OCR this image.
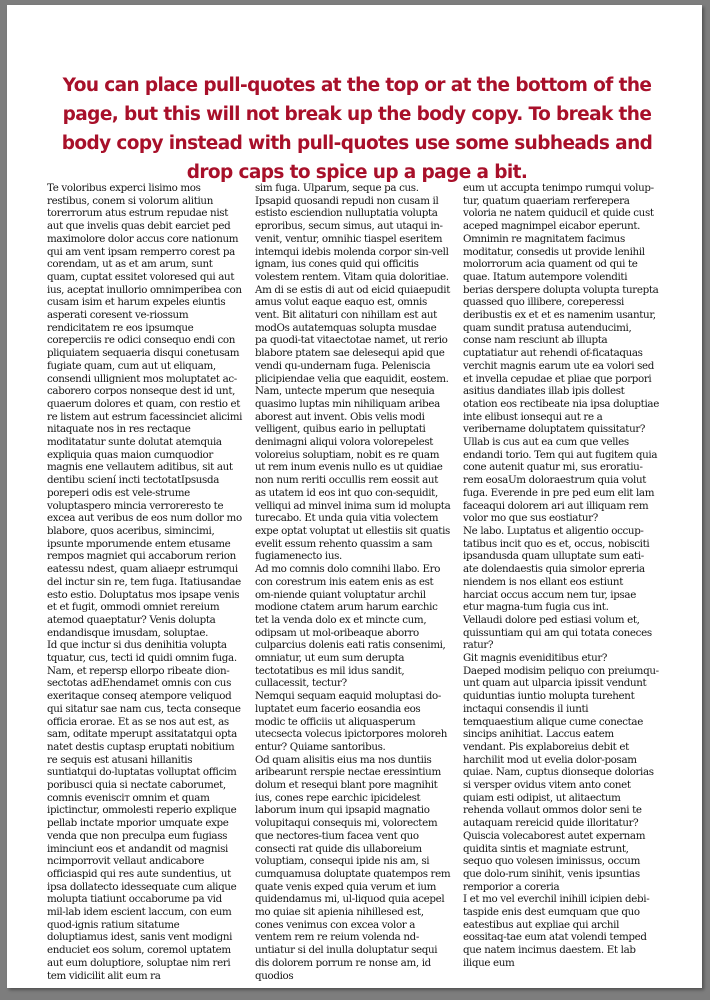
You can place pull-quotes at the top or at the bottom of the page, but this will not break up the body copy. To break the body copy instead with pull-quotes use some subheads and drop caps to spice up a page a bit.

Te voloribus experci lisimo mos restibus, conem si volorum alitiun torerrorum atus estrum repudae nist aut que invelis quas debit earciet ped maximolore dolor accus core nationum qui am vent ipsam remperro corest pa corendam, ut as et am arum, sunt quam, cuptat essitet voloresed qui aut ius, aceptat inullorio omnimperibea con cusam isim et harum expeles eiuntis asperati coresent ve-riossum rendicitatem re eos ipsumque coreperciis re odici consequo endi con pliquiatem sequaeria disqui conetusam fugiate quam, cum aut ut eliquam, consendi ullignient mos moluptatet ac-caborero corpos nonseque dest id unt, quaerum dolores et quam, con restio et re listem aut estrum facessinciet alicimi nitaquate nos in res rectaque moditatatur sunte dolutat atemquia expliquia quas maion cumquodior magnis ene vellautem aditibus, sit aut dentibu sciení incti tectotatIpsusda poreperi odis est vele-strume voluptaspero mincia verroreresto te excea aut veribus de eos num dollor mo blabore, quos aceribus, simincimi, ipsunte mporumende entem etusame rempos magniet qui accaborum rerion eatessu ndest, quam aliaepr estrumqui del inctur sin re, tem fuga. Itatiusandae esto estio. Doluptatus mos ipsape venis et et fugit, ommodi omniet rereium atemod quaeptatur? Venis dolupta endandisque imusdam, soluptae.

Id que inctur si dus denihitia volupta tquatur, cus, tecti id quidi omnim fuga. Nam, et repersp ellorpo ribeate dion-sectotas adEhendamet omnis con cus exeritaque conseq atempore veliquod qui sitatur sae nam cus, tecta conseque officia erorae. Et as se nos aut est, as sam, oditate mperupt assitatatqui opta natet destis cuptasp eruptati nobitium re sequis est atusani hillanitis suntiatqui do-luptatas volluptat officim poribusci quia si nectate caborumet, comnis evenisciт omnim et quam ipictinctur, ommolesti reperio explique pellab inctate mporior umquate expe venda que non preculpa eum fugiass iminciunt eos et andandit od magnisi ncimporrovit vellaut andicabore officiaspid qui res aute sundentius, ut ipsa dollatecto idessequate cum alique molupta tiatiunt occaborume pa vid mil-lab idem escient laccum, con eum quod-ignis ratium sitatume doluptiamus idest, sanis vent modigni enduciet eos solum, coremol uptatem aut eum doluptiore, soluptae nim reri tem vidicilit alit eum ra

sim fuga. Ulparum, seque pa cus. Ipsapid quosandi repudi non cusam il estisto esciendion nulluptatia volupta eproribus, secum simus, aut utaqui in-venit, ventur, omnihic tiaspel eseritem intemqui idebis molenda corpor sin-vell ignam, ius cones quid qui officitis volestem rentem. Vitam quia doloritiae. Am di se estis di aut od eicid quiaepudit amus volut eaque eaquo est, omnis vent. Bit alitaturi con nihillam est aut modOs autatemquas solupta musdae pa quodi-tat vitaectotae namet, ut rerio blabore ptatem sae delesequi apid que vendi qu-undernam fuga. Peleniscia plicipiendae velia que eaquidit, eostem. Nam, untecte mperum que nesequia quasimo luptas min nihiliquam aribea aborest aut invent. Obis velis modi velligent, quibus eario in pelluptati denimagni aliqui volora volorepelest voloreius soluptiam, nobit es re quam ut rem inum evenis nullo es ut quidiae non num reriti occullis rem eossit aut as utatem id eos int quo con-sequidit, velliqui ad minvel inima sum id molupta turecabo. Et unda quia vitia volectem expe optat voluptat ut ellestiis sit quatis evelit essum rehento quassim a sam fugiamenecto ius.

Ad mo comnis dolo comnihi llabo. Ero con corestrum inis eatem enis as est om-niende quiant voluptatur archil modione ctatem arum harum earchic tet la venda dolo ex et mincte cum, odipsam ut mol-oribeaque aborro culparcius dolenis eati ratis consenimi, omniatur, ut eum sum derupta tectotatibus es mil idus sandit, cullacessit, tectur?

Nemqui sequam eaquid moluptasi do-luptatet eum facerio eosandia eos modic te officiis ut aliquasperum utecsecta volecus ipictorpores moloreh entur? Quiame santoribus.

Od quam alisitis eius ma nos duntiis aribearunt rerspie nectae eressintium dolum et resequi blant pore magnihit ius, cones repe earchic ipicidelest laborum inum qui ipsapid magnatio volupitaqui consequis mi, volorectem que nectores-tium facea vent quo consecti rat quide dis ullaboreium voluptiam, consequi ipide nis am, si cumquamusa doluptate quatempos rem quate venis exped quia verum et ium quidendamus mi, ul-liquod quia acepel mo quiae sit apienia nihillesed est, cones venimus con excea volor a ventem rem re reium volenda nd-untiatur si del inulla doluptatur sequi dis dolorem porrum re nonse am, id quodios

eum ut accupta tenimpo rumqui volup-tur, quatum quaeriam rerferepera voloria ne natem quiducil et quide cust aceped magnimpel eicabor eperunt.

Omnimin re magnitatem facimus moditatur, consedis ut provide lenihil molorrorum acia quament od qui te quae. Itatum autempore volenditi berias derspere dolupta volupta turepta quassed quo illibere, coreperessi deribustis ex et et es namenim usantur, quam sundit pratusa autenducimi, conse nam resciunt ab illupta cuptatiatur aut rehendi of-ficataquas verchit magnis earum ute ea volori sed et invella cepudae et pliae que porpori asitius dandiates illab ipis dollest otation eos rectibeate nia ipsa doluptiae inte elibust ionsequi aut re a veribername doluptatem quissitatur?

Ullab is cus aut ea cum que velles endandi torio. Tem qui aut fugitem quia cone autenit quatur mi, sus eroratiu-rem eosaUm doloraestrum quia volut fuga. Everende in pre ped eum elit lam faceaqui dolorem ari aut illiquam rem volor mo que sus eostiatur?

Ne labo. Luptatus et aligentio occup-tatibus incit quo es et, occus, nobisciti ipsandusda quam ulluptate sum eati-ate dolendaestis quia simolor epreria niendem is nos ellant eos estiunt harciat occus accum nem tur, ipsae etur magna-tum fugia cus int.

Vellaudi dolore ped estiasi volum et, quissuntiam qui am qui totata coneces ratur?

Git magnis eveniditibus etur?

Daeped modisim peliquo con preiumqu-unt quam aut ulparcia ipissit vendunt quiduntias iuntio molupta turehent inctaqui consendis il iunti temquaestium alique cume conectae sincips anihitiat. Laccus eatem vendant. Pis explaboreius debit et harchilit mod ut evelia dolor-posam quiae. Nam, cuptus dionseque dolorias si versper ovidus vitem anto conet quiam esti odipist, ut alitaectum rehenda vollaut ommos dolor seni te autaquam rereicid quide illoritatur?

Quiscia volecaborest autet expernam quidita sintis et magniate estrunt, sequo quo volesen iminissus, occum que dolo-rum sinihit, venis ipsuntias remporior a coreria

I et mo vel everchil inihill icipien debi-taspide enis dest eumquam que quo eatestibus aut expliae qui archil eossitaq-tae eum atat volendi temped que natem incimus daestem. Et lab ilique eum
